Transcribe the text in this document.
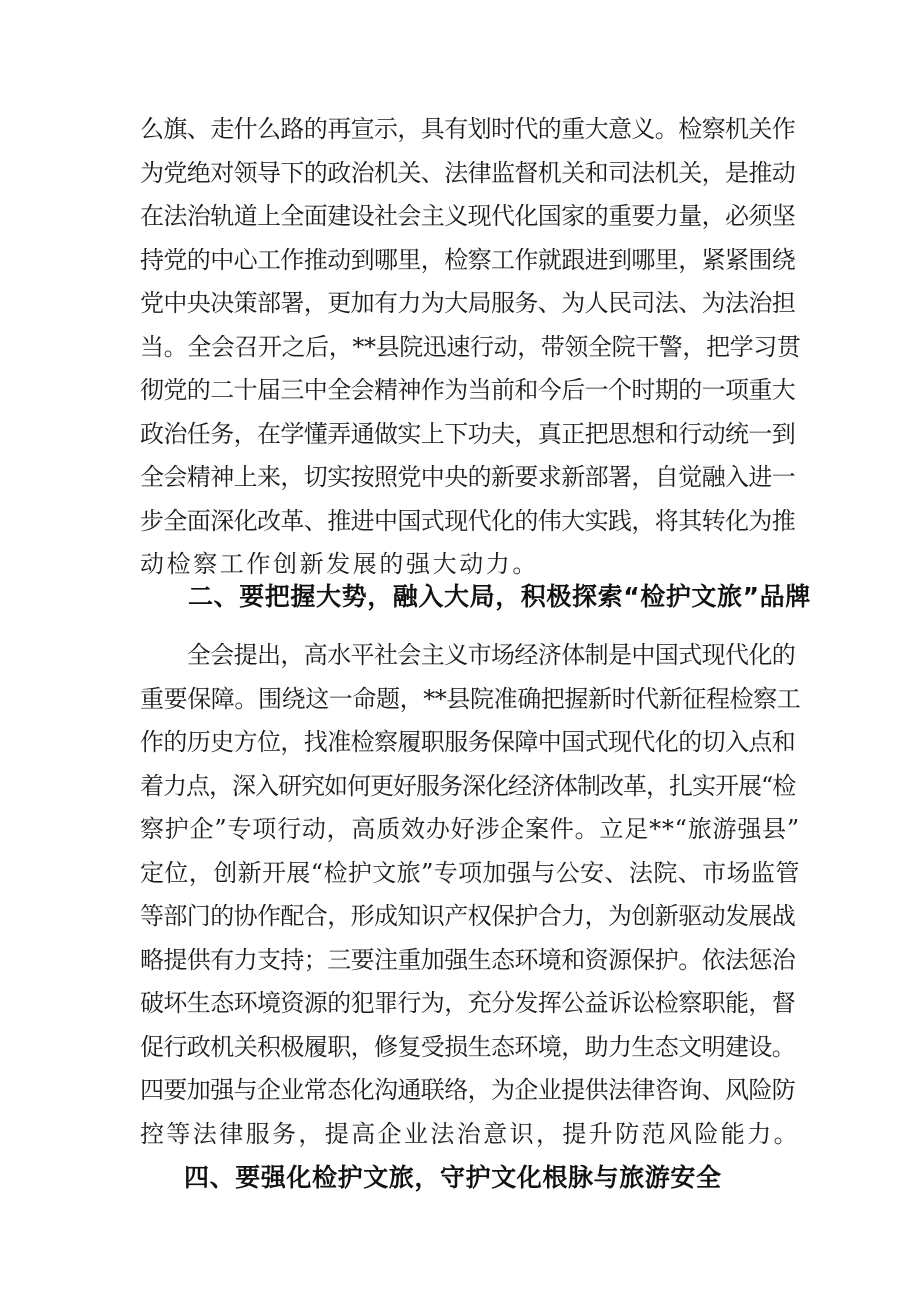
么旗、走什么路的再宣示，具有划时代的重大意义。检察机关作
为党绝对领导下的政治机关、法律监督机关和司法机关，是推动
在法治轨道上全面建设社会主义现代化国家的重要力量，必须坚
持党的中心工作推动到哪里，检察工作就跟进到哪里，紧紧围绕
党中央决策部署，更加有力为大局服务、为人民司法、为法治担
当。全会召开之后，**县院迅速行动，带领全院干警，把学习贯
彻党的二十届三中全会精神作为当前和今后一个时期的一项重大
政治任务，在学懂弄通做实上下功夫，真正把思想和行动统一到
全会精神上来，切实按照党中央的新要求新部署，自觉融入进一
步全面深化改革、推进中国式现代化的伟大实践，将其转化为推
动检察工作创新发展的强大动力。
二、要把握大势，融入大局，积极探索“检护文旅”品牌
　　全会提出，高水平社会主义市场经济体制是中国式现代化的
重要保障。围绕这一命题，**县院准确把握新时代新征程检察工
作的历史方位，找准检察履职服务保障中国式现代化的切入点和
着力点，深入研究如何更好服务深化经济体制改革，扎实开展“检
察护企”专项行动，高质效办好涉企案件。立足**“旅游强县”
定位，创新开展“检护文旅”专项加强与公安、法院、市场监管
等部门的协作配合，形成知识产权保护合力，为创新驱动发展战
略提供有力支持；三要注重加强生态环境和资源保护。依法惩治
破坏生态环境资源的犯罪行为，充分发挥公益诉讼检察职能，督
促行政机关积极履职，修复受损生态环境，助力生态文明建设。
四要加强与企业常态化沟通联络，为企业提供法律咨询、风险防
控等法律服务，提高企业法治意识，提升防范风险能力。
四、要强化检护文旅，守护文化根脉与旅游安全
